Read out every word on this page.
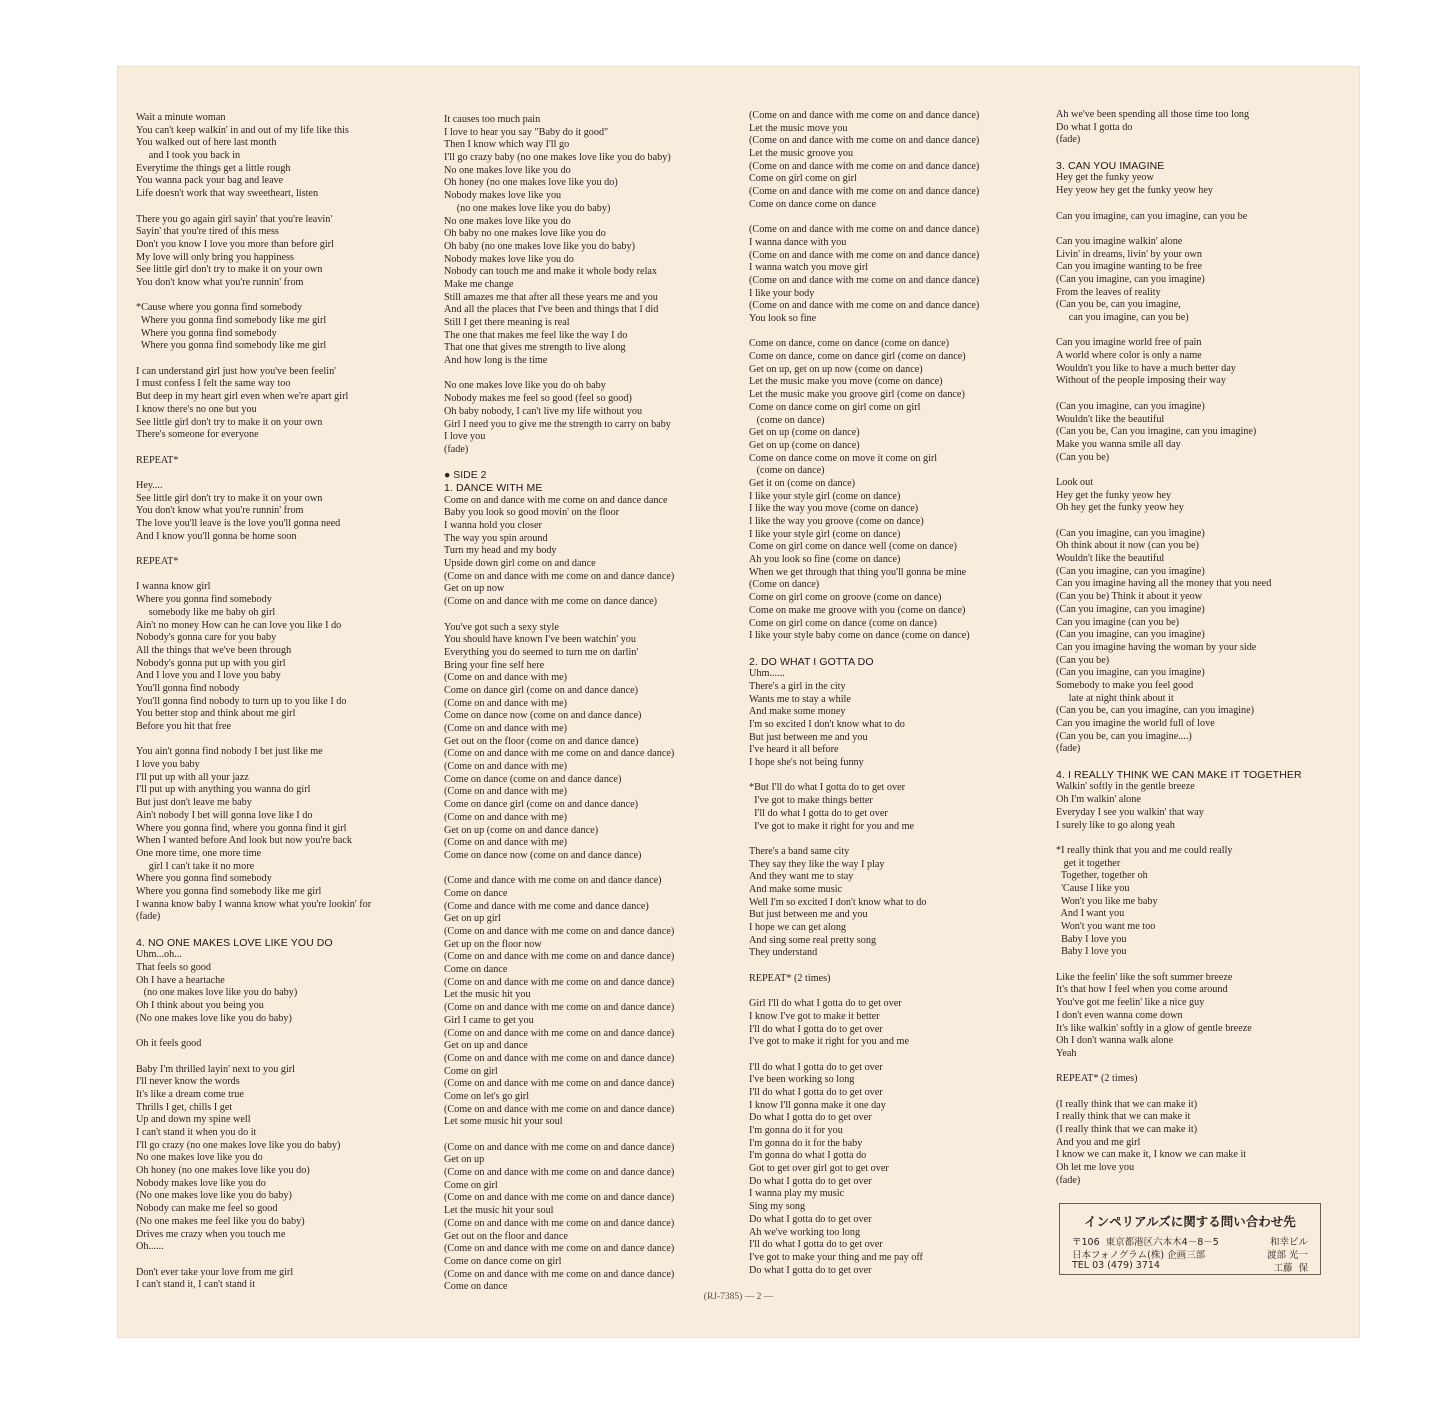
Wait a minute woman
You can't keep walkin' in and out of my life like this
You walked out of here last month
and I took you back in
Everytime the things get a little rough
You wanna pack your bag and leave
Life doesn't work that way sweetheart, listen
There you go again girl sayin' that you're leavin'
Sayin' that you're tired of this mess
Don't you know I love you more than before girl
My love will only bring you happiness
See little girl don't try to make it on your own
You don't know what you're runnin' from
*Cause where you gonna find somebody
Where you gonna find somebody like me girl
Where you gonna find somebody
Where you gonna find somebody like me girl
I can understand girl just how you've been feelin'
I must confess I felt the same way too
But deep in my heart girl even when we're apart girl
I know there's no one but you
See little girl don't try to make it on your own
There's someone for everyone
REPEAT*
Hey....
See little girl don't try to make it on your own
You don't know what you're runnin' from
The love you'll leave is the love you'll gonna need
And I know you'll gonna be home soon
REPEAT*
I wanna know girl
Where you gonna find somebody
somebody like me baby oh girl
Ain't no money How can he can love you like I do
Nobody's gonna care for you baby
All the things that we've been through
Nobody's gonna put up with you girl
And I love you and I love you baby
You'll gonna find nobody
You'll gonna find nobody to turn up to you like I do
You better stop and think about me girl
Before you hit that free
You ain't gonna find nobody I bet just like me
I love you baby
I'll put up with all your jazz
I'll put up with anything you wanna do girl
But just don't leave me baby
Ain't nobody I bet will gonna love like I do
Where you gonna find, where you gonna find it girl
When I wanted before And look but now you're back
One more time, one more time
girl I can't take it no more
Where you gonna find somebody
Where you gonna find somebody like me girl
I wanna know baby I wanna know what you're lookin' for
(fade)
4. NO ONE MAKES LOVE LIKE YOU DO
Uhm...oh...
That feels so good
Oh I have a heartache
(no one makes love like you do baby)
Oh I think about you being you
(No one makes love like you do baby)
Oh it feels good
Baby I'm thrilled layin' next to you girl
I'll never know the words
It's like a dream come true
Thrills I get, chills I get
Up and down my spine well
I can't stand it when you do it
I'll go crazy (no one makes love like you do baby)
No one makes love like you do
Oh honey (no one makes love like you do)
Nobody makes love like you do
(No one makes love like you do baby)
Nobody can make me feel so good
(No one makes me feel like you do baby)
Drives me crazy when you touch me
Oh......
Don't ever take your love from me girl
I can't stand it, I can't stand it
It causes too much pain
I love to hear you say "Baby do it good"
Then I know which way I'll go
I'll go crazy baby (no one makes love like you do baby)
No one makes love like you do
Oh honey (no one makes love like you do)
Nobody makes love like you
(no one makes love like you do baby)
No one makes love like you do
Oh baby no one makes love like you do
Oh baby (no one makes love like you do baby)
Nobody makes love like you do
Nobody can touch me and make it whole body relax
Make me change
Still amazes me that after all these years me and you
And all the places that I've been and things that I did
Still I get there meaning is real
The one that makes me feel like the way I do
That one that gives me strength to live along
And how long is the time
No one makes love like you do oh baby
Nobody makes me feel so good (feel so good)
Oh baby nobody, I can't live my life without you
Girl I need you to give me the strength to carry on baby
I love you
(fade)
● SIDE 2
1. DANCE WITH ME
Come on and dance with me come on and dance dance
Baby you look so good movin' on the floor
I wanna hold you closer
The way you spin around
Turn my head and my body
Upside down girl come on and dance
(Come on and dance with me come on and dance dance)
Get on up now
(Come on and dance with me come on dance dance)
You've got such a sexy style
You should have known I've been watchin' you
Everything you do seemed to turn me on darlin'
Bring your fine self here
(Come on and dance with me)
Come on dance girl (come on and dance dance)
(Come on and dance with me)
Come on dance now (come on and dance dance)
(Come on and dance with me)
Get out on the floor (come on and dance dance)
(Come on and dance with me come on and dance dance)
(Come on and dance with me)
Come on dance (come on and dance dance)
(Come on and dance with me)
Come on dance girl (come on and dance dance)
(Come on and dance with me)
Get on up (come on and dance dance)
(Come on and dance with me)
Come on dance now (come on and dance dance)
(Come and dance with me come on and dance dance)
Come on dance
(Come and dance with me come and dance dance)
Get on up girl
(Come on and dance with me come on and dance dance)
Get up on the floor now
(Come on and dance with me come on and dance dance)
Come on dance
(Come on and dance with me come on and dance dance)
Let the music hit you
(Come on and dance with me come on and dance dance)
Girl I came to get you
(Come on and dance with me come on and dance dance)
Get on up and dance
(Come on and dance with me come on and dance dance)
Come on girl
(Come on and dance with me come on and dance dance)
Come on let's go girl
(Come on and dance with me come on and dance dance)
Let some music hit your soul
(Come on and dance with me come on and dance dance)
Get on up
(Come on and dance with me come on and dance dance)
Come on girl
(Come on and dance with me come on and dance dance)
Let the music hit your soul
(Come on and dance with me come on and dance dance)
Get out on the floor and dance
(Come on and dance with me come on and dance dance)
Come on dance come on girl
(Come on and dance with me come on and dance dance)
Come on dance
(Come on and dance with me come on and dance dance)
Let the music move you
(Come on and dance with me come on and dance dance)
Let the music groove you
(Come on and dance with me come on and dance dance)
Come on girl come on girl
(Come on and dance with me come on and dance dance)
Come on dance come on dance
(Come on and dance with me come on and dance dance)
I wanna dance with you
(Come on and dance with me come on and dance dance)
I wanna watch you move girl
(Come on and dance with me come on and dance dance)
I like your body
(Come on and dance with me come on and dance dance)
You look so fine
Come on dance, come on dance (come on dance)
Come on dance, come on dance girl (come on dance)
Get on up, get on up now (come on dance)
Let the music make you move (come on dance)
Let the music make you groove girl (come on dance)
Come on dance come on girl come on girl
(come on dance)
Get on up (come on dance)
Get on up (come on dance)
Come on dance come on move it come on girl
(come on dance)
Get it on (come on dance)
I like your style girl (come on dance)
I like the way you move (come on dance)
I like the way you groove (come on dance)
I like your style girl (come on dance)
Come on girl come on dance well (come on dance)
Ah you look so fine (come on dance)
When we get through that thing you'll gonna be mine
(Come on dance)
Come on girl come on groove (come on dance)
Come on make me groove with you (come on dance)
Come on girl come on dance (come on dance)
I like your style baby come on dance (come on dance)
2. DO WHAT I GOTTA DO
Uhm......
There's a girl in the city
Wants me to stay a while
And make some money
I'm so excited I don't know what to do
But just between me and you
I've heard it all before
I hope she's not being funny
*But I'll do what I gotta do to get over
I've got to make things better
I'll do what I gotta do to get over
I've got to make it right for you and me
There's a band same city
They say they like the way I play
And they want me to stay
And make some music
Well I'm so excited I don't know what to do
But just between me and you
I hope we can get along
And sing some real pretty song
They understand
REPEAT* (2 times)
Girl I'll do what I gotta do to get over
I know I've got to make it better
I'll do what I gotta do to get over
I've got to make it right for you and me
I'll do what I gotta do to get over
I've been working so long
I'll do what I gotta do to get over
I know I'll gonna make it one day
Do what I gotta do to get over
I'm gonna do it for you
I'm gonna do it for the baby
I'm gonna do what I gotta do
Got to get over girl got to get over
Do what I gotta do to get over
I wanna play my music
Sing my song
Do what I gotta do to get over
Ah we've working too long
I'll do what I gotta do to get over
I've got to make your thing and me pay off
Do what I gotta do to get over
Ah we've been spending all those time too long
Do what I gotta do
(fade)
3. CAN YOU IMAGINE
Hey get the funky yeow
Hey yeow hey get the funky yeow hey
Can you imagine, can you imagine, can you be
Can you imagine walkin' alone
Livin' in dreams, livin' by your own
Can you imagine wanting to be free
(Can you imagine, can you imagine)
From the leaves of reality
(Can you be, can you imagine,
can you imagine, can you be)
Can you imagine world free of pain
A world where color is only a name
Wouldn't you like to have a much better day
Without of the people imposing their way
(Can you imagine, can you imagine)
Wouldn't like the beautiful
(Can you be, Can you imagine, can you imagine)
Make you wanna smile all day
(Can you be)
Look out
Hey get the funky yeow hey
Oh hey get the funky yeow hey
(Can you imagine, can you imagine)
Oh think about it now (can you be)
Wouldn't like the beautiful
(Can you imagine, can you imagine)
Can you imagine having all the money that you need
(Can you be) Think it about it yeow
(Can you imagine, can you imagine)
Can you imagine (can you be)
(Can you imagine, can you imagine)
Can you imagine having the woman by your side
(Can you be)
(Can you imagine, can you imagine)
Somebody to make you feel good
late at night think about it
(Can you be, can you imagine, can you imagine)
Can you imagine the world full of love
(Can you be, can you imagine....)
(fade)
4. I REALLY THINK WE CAN MAKE IT TOGETHER
Walkin' softly in the gentle breeze
Oh I'm walkin' alone
Everyday I see you walkin' that way
I surely like to go along yeah
*I really think that you and me could really
get it together
Together, together oh
'Cause I like you
Won't you like me baby
And I want you
Won't you want me too
Baby I love you
Baby I love you
Like the feelin' like the soft summer breeze
It's that how I feel when you come around
You've got me feelin' like a nice guy
I don't even wanna come down
It's like walkin' softly in a glow of gentle breeze
Oh I don't wanna walk alone
Yeah
REPEAT* (2 times)
(I really think that we can make it)
I really think that we can make it
(I really think that we can make it)
And you and me girl
I know we can make it, I know we can make it
Oh let me love you
(fade)
インペリアルズに関する問い合わせ先
〒106  東京都港区六本木4－8－5	和幸ビル
日本フォノグラム(株) 企画三部	渡部 光一
TEL 03 (479) 3714	工藤  保
(RJ-7385) — 2 —
